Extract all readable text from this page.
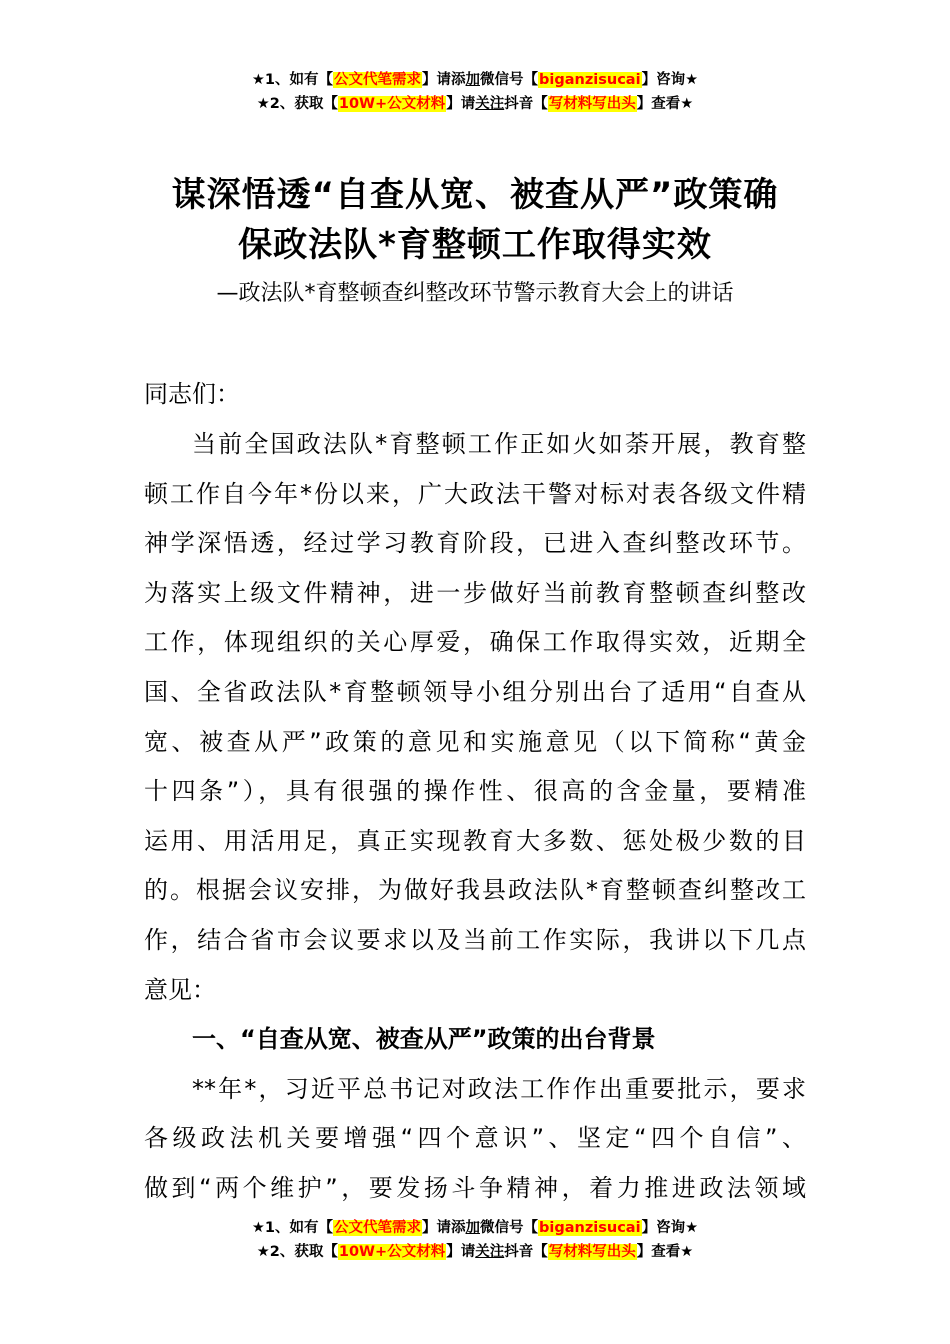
★1、如有【公文代笔需求】请添加微信号【biganzisucai】咨询★
★2、获取【10W+公文材料】请关注抖音【写材料写出头】查看★
谋深悟透“自查从宽、被查从严”政策确
保政法队*育整顿工作取得实效
—政法队*育整顿查纠整改环节警示教育大会上的讲话

同志们：

当前全国政法队*育整顿工作正如火如荼开展，教育整
顿工作自今年*份以来，广大政法干警对标对表各级文件精
神学深悟透，经过学习教育阶段，已进入查纠整改环节。
为落实上级文件精神，进一步做好当前教育整顿查纠整改
工作，体现组织的关心厚爱，确保工作取得实效，近期全
国、全省政法队*育整顿领导小组分别出台了适用“自查从
宽、被查从严”政策的意见和实施意见（以下简称“黄金
十四条”），具有很强的操作性、很高的含金量，要精准
运用、用活用足，真正实现教育大多数、惩处极少数的目
的。根据会议安排，为做好我县政法队*育整顿查纠整改工
作，结合省市会议要求以及当前工作实际，我讲以下几点
意见：

一、“自查从宽、被查从严”政策的出台背景

**年*，习近平总书记对政法工作作出重要批示，要求
各级政法机关要增强“四个意识”、坚定“四个自信”、
做到“两个维护”，要发扬斗争精神，着力推进政法领域

★1、如有【公文代笔需求】请添加微信号【biganzisucai】咨询★
★2、获取【10W+公文材料】请关注抖音【写材料写出头】查看★
